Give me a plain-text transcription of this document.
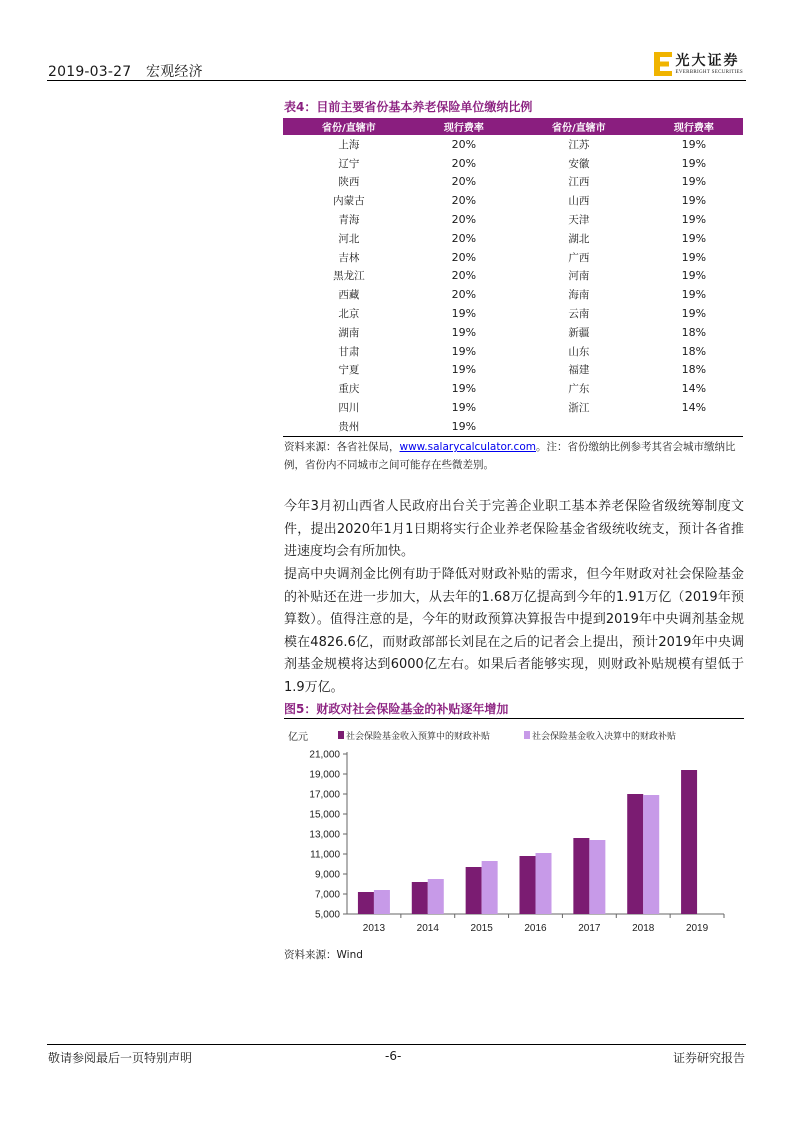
2019-03-27 宏观经济
光大证券
EVERBRIGHT SECURITIES
表4：目前主要省份基本养老保险单位缴纳比例
省份/直辖市	现行费率	省份/直辖市	现行费率
上海	20%	江苏	19%
辽宁	20%	安徽	19%
陕西	20%	江西	19%
内蒙古	20%	山西	19%
青海	20%	天津	19%
河北	20%	湖北	19%
吉林	20%	广西	19%
黑龙江	20%	河南	19%
西藏	20%	海南	19%
北京	19%	云南	19%
湖南	19%	新疆	18%
甘肃	19%	山东	18%
宁夏	19%	福建	18%
重庆	19%	广东	14%
四川	19%	浙江	14%
贵州	19%		
资料来源：各省社保局，www.salarycalculator.com。注：省份缴纳比例参考其省会城市缴纳比例，省份内不同城市之间可能存在些微差别。
今年3月初山西省人民政府出台关于完善企业职工基本养老保险省级统筹制度文件，提出2020年1月1日期将实行企业养老保险基金省级统收统支，预计各省推进速度均会有所加快。
提高中央调剂金比例有助于降低对财政补贴的需求，但今年财政对社会保险基金的补贴还在进一步加大，从去年的1.68万亿提高到今年的1.91万亿（2019年预算数）。值得注意的是，今年的财政预算决算报告中提到2019年中央调剂基金规模在4826.6亿，而财政部部长刘昆在之后的记者会上提出，预计2019年中央调剂基金规模将达到6000亿左右。如果后者能够实现，则财政补贴规模有望低于1.9万亿。
图5：财政对社会保险基金的补贴逐年增加
亿元	社会保险基金收入预算中的财政补贴	社会保险基金收入决算中的财政补贴
5,000
7,000
9,000
11,000
13,000
15,000
17,000
19,000
21,000
2013	2014	2015	2016	2017	2018	2019
资料来源：Wind
敬请参阅最后一页特别声明	-6-	证券研究报告
